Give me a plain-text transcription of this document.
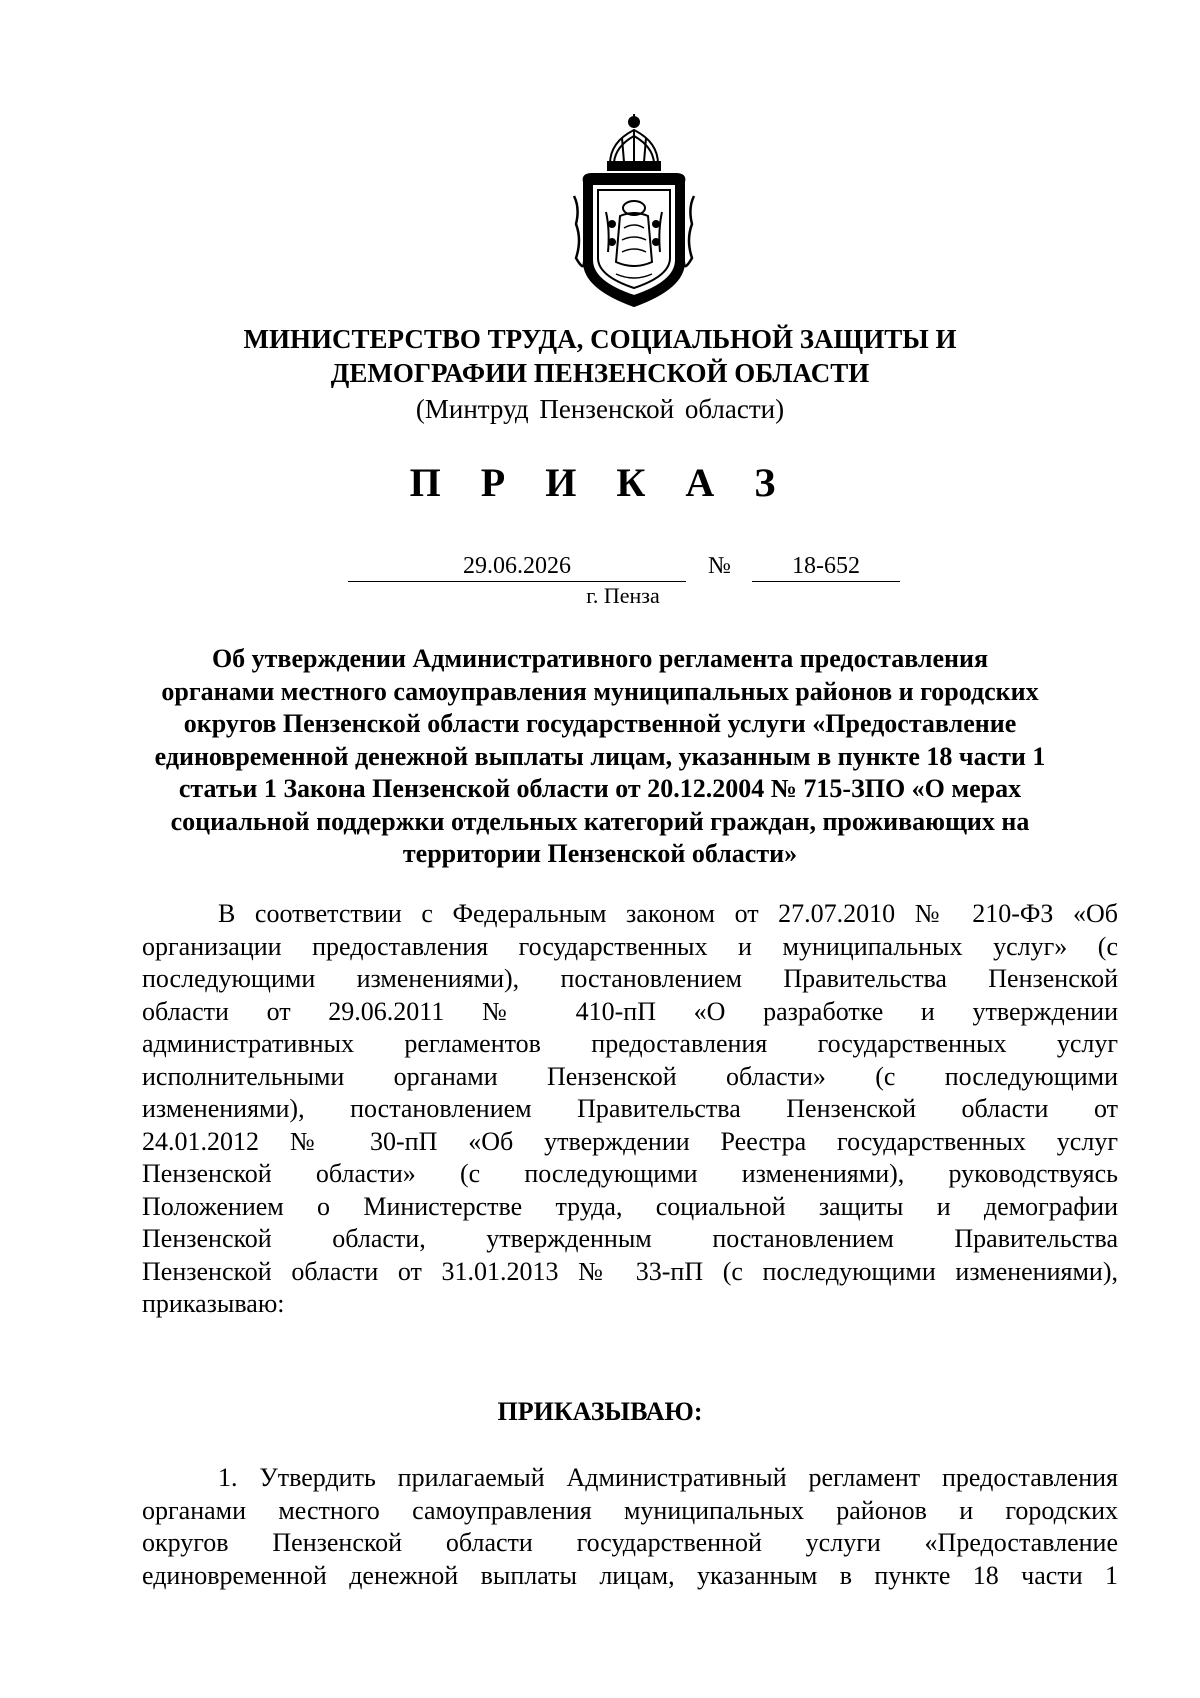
МИНИСТЕРСТВО ТРУДА, СОЦИАЛЬНОЙ ЗАЩИТЫ И
ДЕМОГРАФИИ ПЕНЗЕНСКОЙ ОБЛАСТИ
(Минтруд Пензенской области)
П Р И К А З
29.06.2026	№	18-652
г. Пенза
Об утверждении Административного регламента предоставления
органами местного самоуправления муниципальных районов и городских
округов Пензенской области государственной услуги «Предоставление
единовременной денежной выплаты лицам, указанным в пункте 18 части 1
статьи 1 Закона Пензенской области от 20.12.2004 № 715-ЗПО «О мерах
социальной поддержки отдельных категорий граждан, проживающих на
территории Пензенской области»
В соответствии с Федеральным законом от 27.07.2010 № 210-ФЗ «Об
организации предоставления государственных и муниципальных услуг» (с
последующими изменениями), постановлением Правительства Пензенской
области от 29.06.2011 № 410-пП «О разработке и утверждении
административных регламентов предоставления государственных услуг
исполнительными органами Пензенской области» (с последующими
изменениями), постановлением Правительства Пензенской области от
24.01.2012 № 30-пП «Об утверждении Реестра государственных услуг
Пензенской области» (с последующими изменениями), руководствуясь
Положением о Министерстве труда, социальной защиты и демографии
Пензенской области, утвержденным постановлением Правительства
Пензенской области от 31.01.2013 № 33-пП (с последующими изменениями),
приказываю:
ПРИКАЗЫВАЮ:
1. Утвердить прилагаемый Административный регламент предоставления
органами местного самоуправления муниципальных районов и городских
округов Пензенской области государственной услуги «Предоставление
единовременной денежной выплаты лицам, указанным в пункте 18 части 1
